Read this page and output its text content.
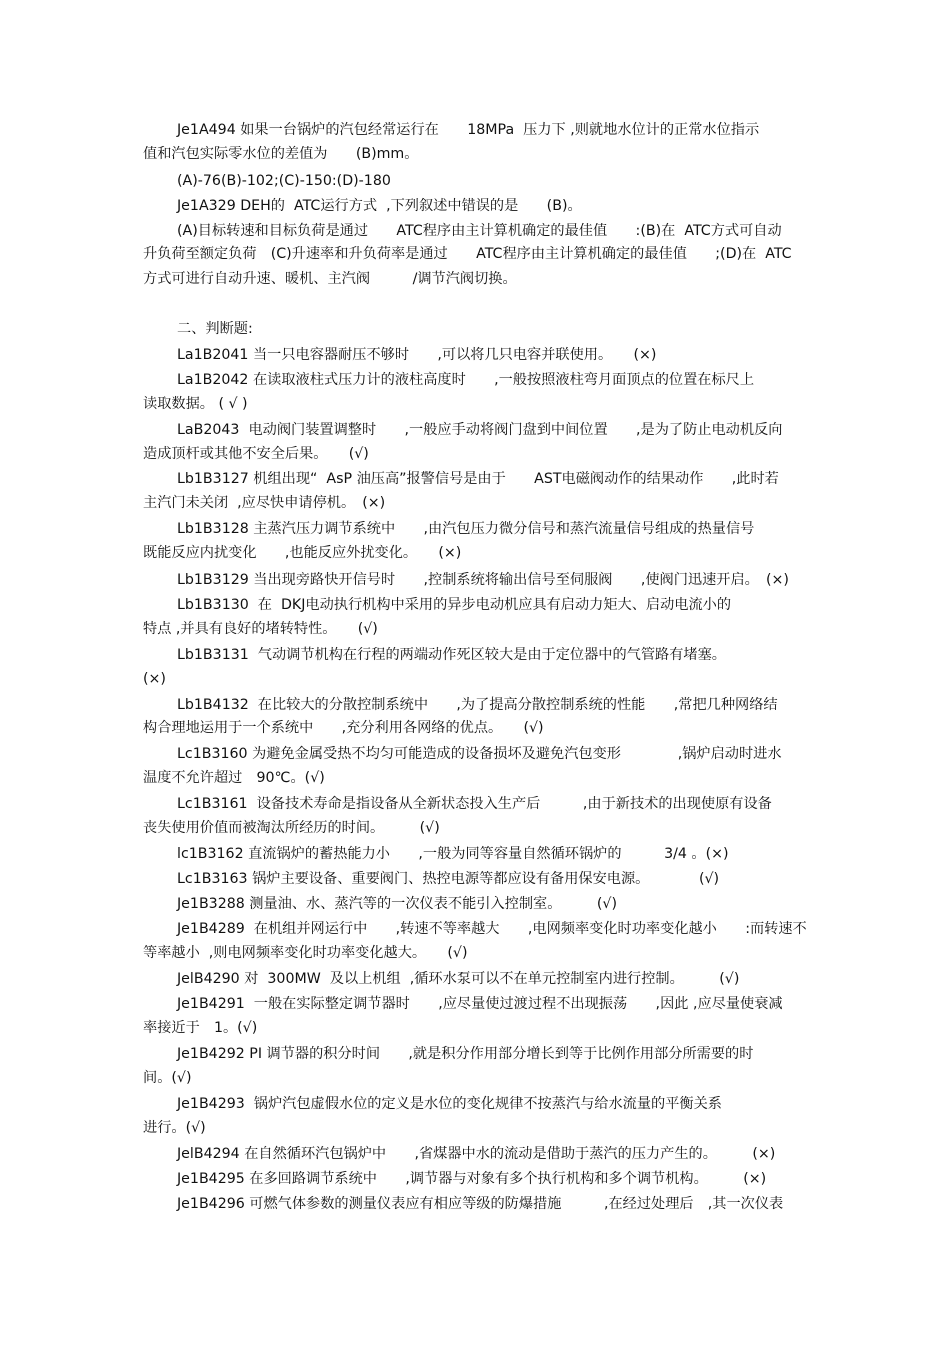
Je1A494 如果一台锅炉的汽包经常运行在　　18MPa  压力下 ,则就地水位计的正常水位指示
值和汽包实际零水位的差值为　　(B)mm。
(A)-76(B)-102;(C)-150:(D)-180
Je1A329 DEH的  ATC运行方式  ,下列叙述中错误的是　　(B)。
(A)目标转速和目标负荷是通过　　ATC程序由主计算机确定的最佳值　　:(B)在  ATC方式可自动
升负荷至额定负荷　(C)升速率和升负荷率是通过　　ATC程序由主计算机确定的最佳值　　;(D)在  ATC
方式可进行自动升速、暖机、主汽阀　　　/调节汽阀切换。
二、判断题:
La1B2041 当一只电容器耐压不够时　　,可以将几只电容并联使用。　　(×)
La1B2042 在读取液柱式压力计的液柱高度时　　,一般按照液柱弯月面顶点的位置在标尺上
读取数据。 ( √ )
LaB2043  电动阀门装置调整时　　,一般应手动将阀门盘到中间位置　　,是为了防止电动机反向
造成顶杆或其他不安全后果。　　(√)
Lb1B3127 机组出现“  AsP 油压高”报警信号是由于　　AST电磁阀动作的结果动作　　,此时若
主汽门未关闭  ,应尽快申请停机。　(×)
Lb1B3128 主蒸汽压力调节系统中　　,由汽包压力微分信号和蒸汽流量信号组成的热量信号
既能反应内扰变化　　,也能反应外扰变化。　　(×)
Lb1B3129 当出现旁路快开信号时　　,控制系统将输出信号至伺服阀　　,使阀门迅速开启。　(×)
Lb1B3130  在  DKJ电动执行机构中采用的异步电动机应具有启动力矩大、启动电流小的
特点 ,并具有良好的堵转特性。　　(√)
Lb1B3131  气动调节机构在行程的两端动作死区较大是由于定位器中的气管路有堵塞。
(×)
Lb1B4132  在比较大的分散控制系统中　　,为了提高分散控制系统的性能　　,常把几种网络结
构合理地运用于一个系统中　　,充分利用各网络的优点。　　(√)
Lc1B3160 为避免金属受热不均匀可能造成的设备损坏及避免汽包变形　　　　,锅炉启动时进水
温度不允许超过　90℃。(√)
Lc1B3161  设备技术寿命是指设备从全新状态投入生产后　　　,由于新技术的出现使原有设备
丧失使用价值而被淘汰所经历的时间。　　　(√)
lc1B3162 直流锅炉的蓄热能力小　　,一般为同等容量自然循环锅炉的　　　3/4 。(×)
Lc1B3163 锅炉主要设备、重要阀门、热控电源等都应设有备用保安电源。　　　　(√)
Je1B3288 测量油、水、蒸汽等的一次仪表不能引入控制室。　　　(√)
Je1B4289  在机组并网运行中　　,转速不等率越大　　,电网频率变化时功率变化越小　　:而转速不
等率越小  ,则电网频率变化时功率变化越大。　　(√)
JelB4290 对  300MW  及以上机组  ,循环水泵可以不在单元控制室内进行控制。　　　(√)
Je1B4291  一般在实际整定调节器时　　,应尽量使过渡过程不出现振荡　　,因此 ,应尽量使衰减
率接近于　1。(√)
Je1B4292 PI 调节器的积分时间　　,就是积分作用部分增长到等于比例作用部分所需要的时
间。(√)
Je1B4293  锅炉汽包虚假水位的定义是水位的变化规律不按蒸汽与给水流量的平衡关系
进行。(√)
JelB4294 在自然循环汽包锅炉中　　,省煤器中水的流动是借助于蒸汽的压力产生的。　　　(×)
Je1B4295 在多回路调节系统中　　,调节器与对象有多个执行机构和多个调节机构。　　　(×)
Je1B4296 可燃气体参数的测量仪表应有相应等级的防爆措施　　　,在经过处理后　,其一次仪表
